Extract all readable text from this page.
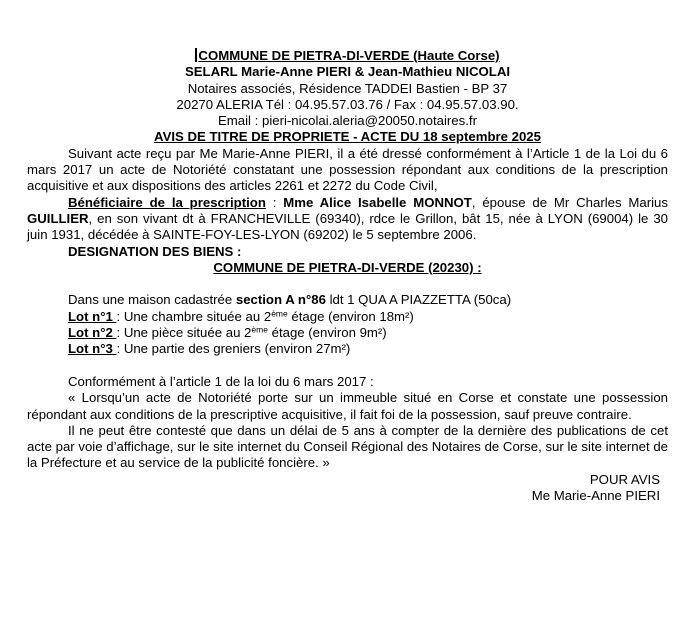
COMMUNE DE PIETRA-DI-VERDE (Haute Corse)

SELARL Marie-Anne PIERI & Jean-Mathieu NICOLAI

Notaires associés, Résidence TADDEI Bastien - BP 37

20270 ALERIA Tél : 04.95.57.03.76 / Fax : 04.95.57.03.90.

Email : pieri-nicolai.aleria@20050.notaires.fr

AVIS DE TITRE DE PROPRIETE - ACTE DU 18 septembre 2025

Suivant acte reçu par Me Marie-Anne PIERI, il a été dressé conformément à l’Article 1 de la Loi du 6 mars 2017 un acte de Notoriété constatant une possession répondant aux conditions de la prescription acquisitive et aux dispositions des articles 2261 et 2272 du Code Civil,

Bénéficiaire de la prescription : Mme Alice Isabelle MONNOT, épouse de Mr Charles Marius GUILLIER, en son vivant dt à FRANCHEVILLE (69340), rdce le Grillon, bât 15, née à LYON (69004) le 30 juin 1931, décédée à SAINTE-FOY-LES-LYON (69202) le 5 septembre 2006.

DESIGNATION DES BIENS :

COMMUNE DE PIETRA-DI-VERDE (20230) :

Dans une maison cadastrée section A n°86 ldt 1 QUA A PIAZZETTA (50ca)

Lot n°1 : Une chambre située au 2ème étage (environ 18m²)

Lot n°2 : Une pièce située au 2ème étage (environ 9m²)

Lot n°3 : Une partie des greniers (environ 27m²)

Conformément à l’article 1 de la loi du 6 mars 2017 :

« Lorsqu’un acte de Notoriété porte sur un immeuble situé en Corse et constate une possession répondant aux conditions de la prescriptive acquisitive, il fait foi de la possession, sauf preuve contraire.

Il ne peut être contesté que dans un délai de 5 ans à compter de la dernière des publications de cet acte par voie d’affichage, sur le site internet du Conseil Régional des Notaires de Corse, sur le site internet de la Préfecture et au service de la publicité foncière. »

POUR AVIS

Me Marie-Anne PIERI
